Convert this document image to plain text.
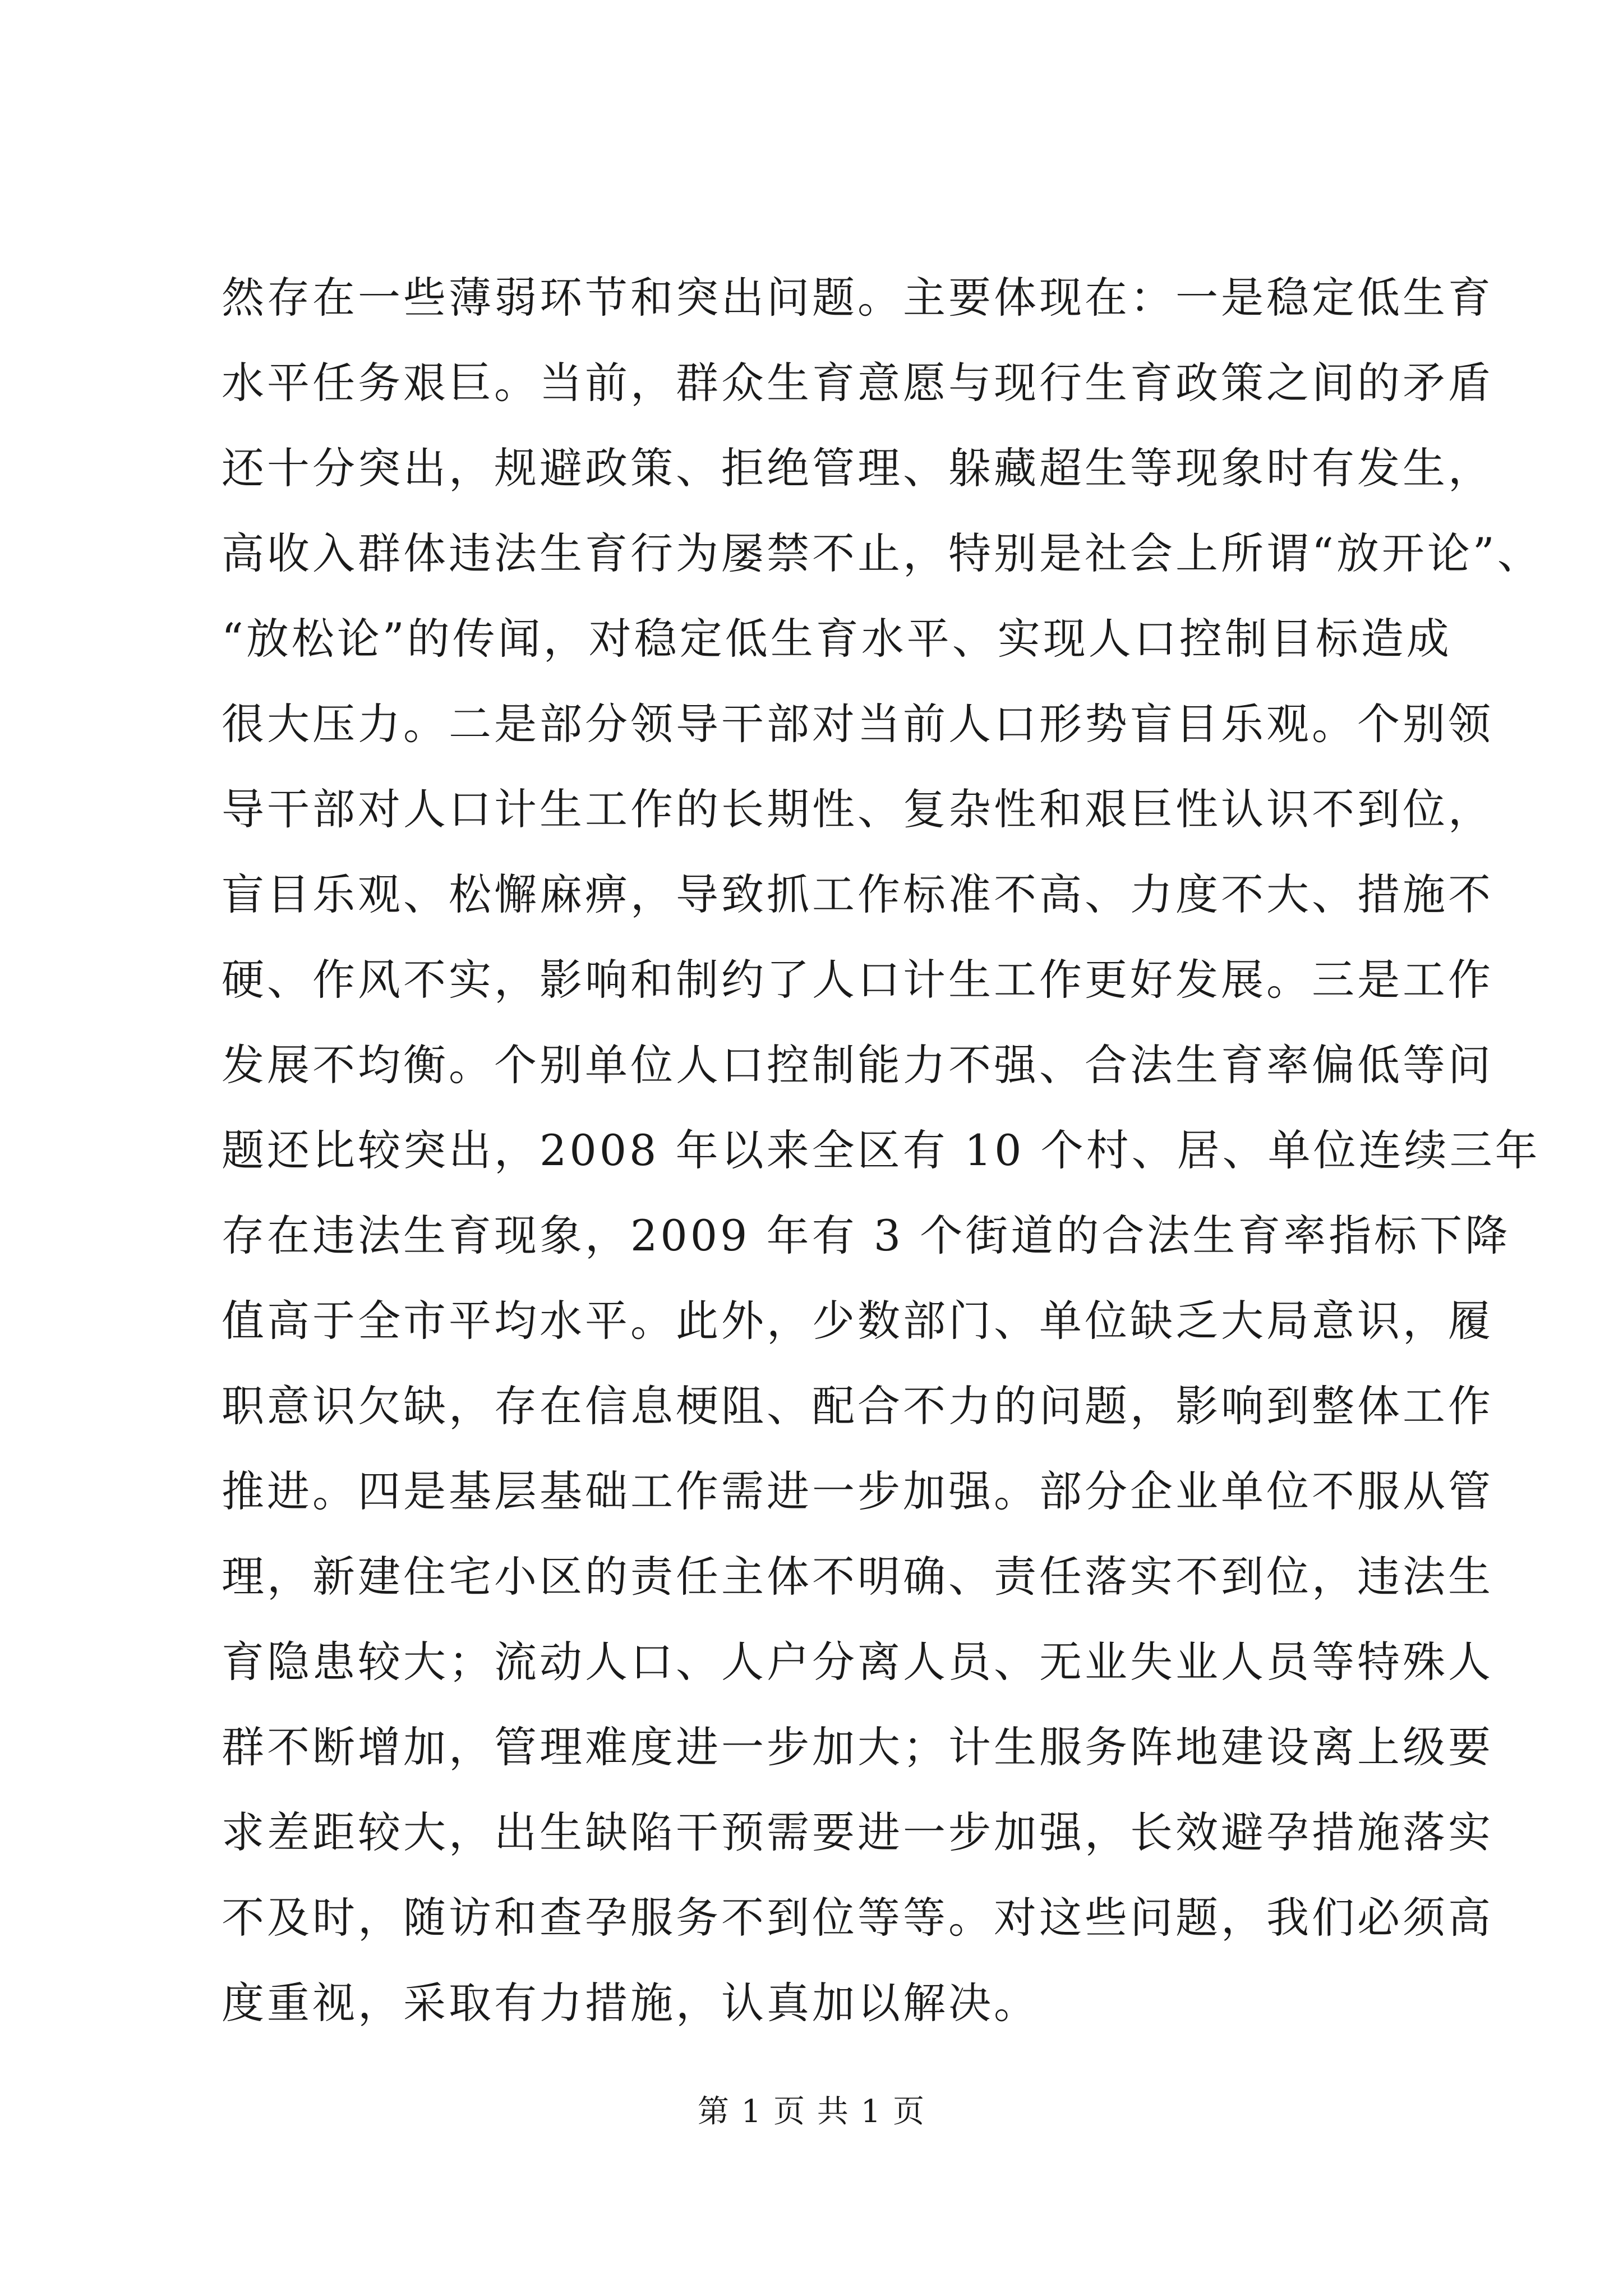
然存在一些薄弱环节和突出问题。主要体现在：一是稳定低生育
水平任务艰巨。当前，群众生育意愿与现行生育政策之间的矛盾
还十分突出，规避政策、拒绝管理、躲藏超生等现象时有发生，
高收入群体违法生育行为屡禁不止，特别是社会上所谓“放开论”、
“放松论”的传闻，对稳定低生育水平、实现人口控制目标造成
很大压力。二是部分领导干部对当前人口形势盲目乐观。个别领
导干部对人口计生工作的长期性、复杂性和艰巨性认识不到位，
盲目乐观、松懈麻痹，导致抓工作标准不高、力度不大、措施不
硬、作风不实，影响和制约了人口计生工作更好发展。三是工作
发展不均衡。个别单位人口控制能力不强、合法生育率偏低等问
题还比较突出，2008 年以来全区有 10 个村、居、单位连续三年
存在违法生育现象，2009 年有 3 个街道的合法生育率指标下降
值高于全市平均水平。此外，少数部门、单位缺乏大局意识，履
职意识欠缺，存在信息梗阻、配合不力的问题，影响到整体工作
推进。四是基层基础工作需进一步加强。部分企业单位不服从管
理，新建住宅小区的责任主体不明确、责任落实不到位，违法生
育隐患较大；流动人口、人户分离人员、无业失业人员等特殊人
群不断增加，管理难度进一步加大；计生服务阵地建设离上级要
求差距较大，出生缺陷干预需要进一步加强，长效避孕措施落实
不及时，随访和查孕服务不到位等等。对这些问题，我们必须高
度重视，采取有力措施，认真加以解决。
第 1 页 共 1 页
